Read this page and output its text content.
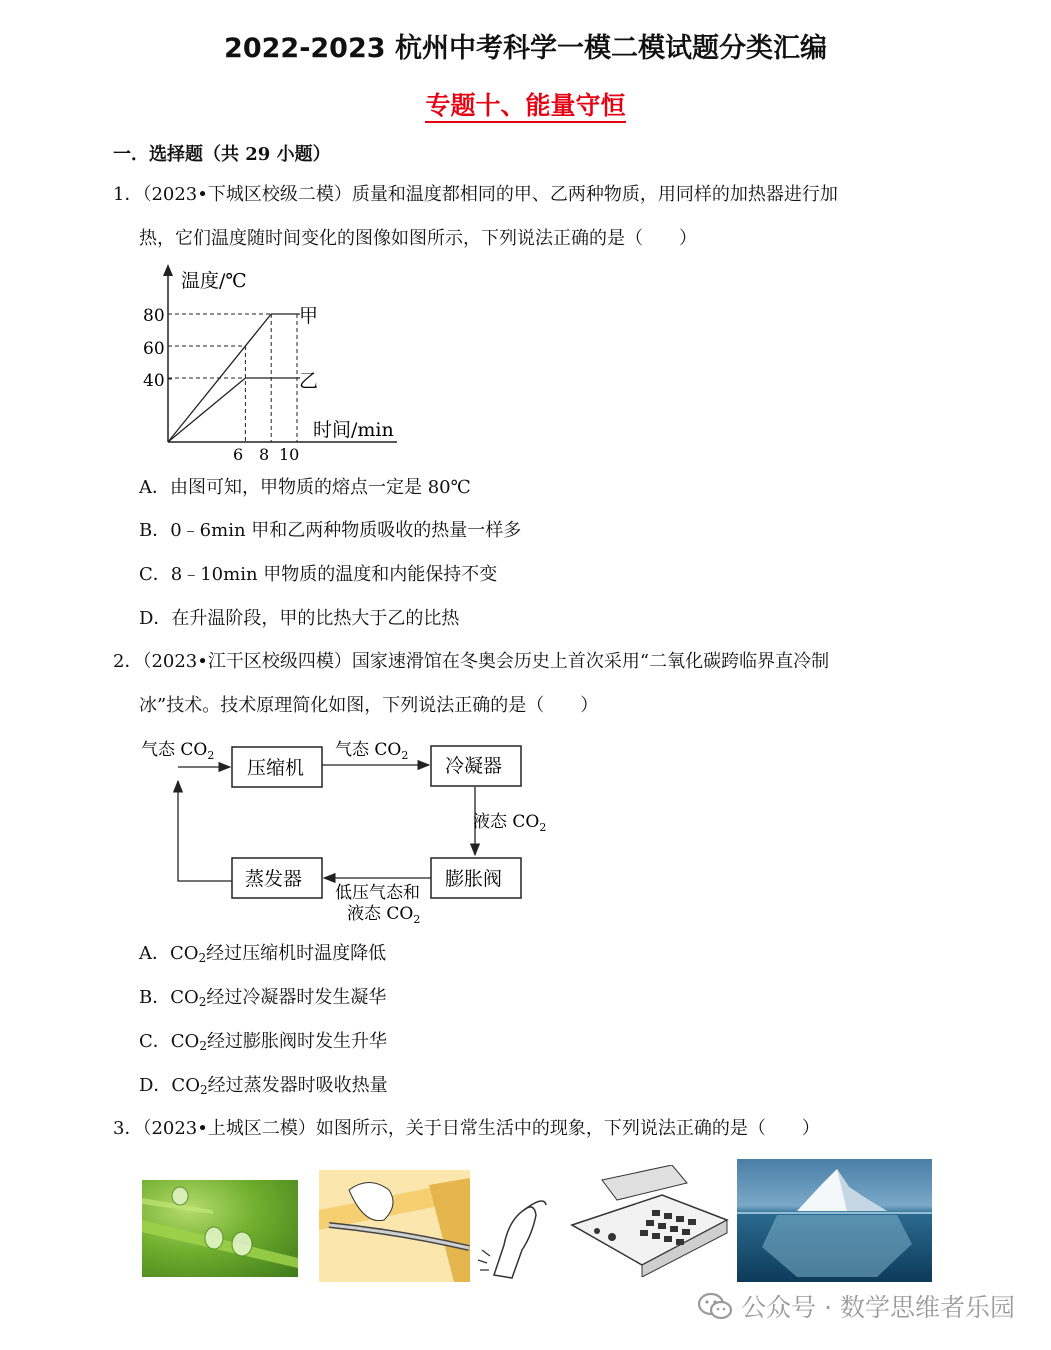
2022-2023 杭州中考科学一模二模试题分类汇编
专题十、能量守恒
一．选择题（共 29 小题）
1．（2023•下城区校级二模）质量和温度都相同的甲、乙两种物质，用同样的加热器进行加
热，它们温度随时间变化的图像如图所示，下列说法正确的是（　　）
温度/℃
时间/min
80
60
40
6 8 10
甲
乙
A．由图可知，甲物质的熔点一定是 80℃
B．0﹣6min 甲和乙两种物质吸收的热量一样多
C．8﹣10min 甲物质的温度和内能保持不变
D．在升温阶段，甲的比热大于乙的比热
2．（2023•江干区校级四模）国家速滑馆在冬奥会历史上首次采用“二氧化碳跨临界直冷制
冰”技术。技术原理简化如图，下列说法正确的是（　　）
压缩机	冷凝器
膨胀阀
蒸发器
气态 $CO_2$	气态 $CO_2$
液态 $CO_2$
低压气态和
液态 $CO_2$
A．$CO_2$经过压缩机时温度降低
B．$CO_2$经过冷凝器时发生凝华
C．$CO_2$经过膨胀阀时发生升华
D．$CO_2$经过蒸发器时吸收热量
3．（2023•上城区二模）如图所示，关于日常生活中的现象，下列说法正确的是（　　）
公众号 · 数学思维者乐园
